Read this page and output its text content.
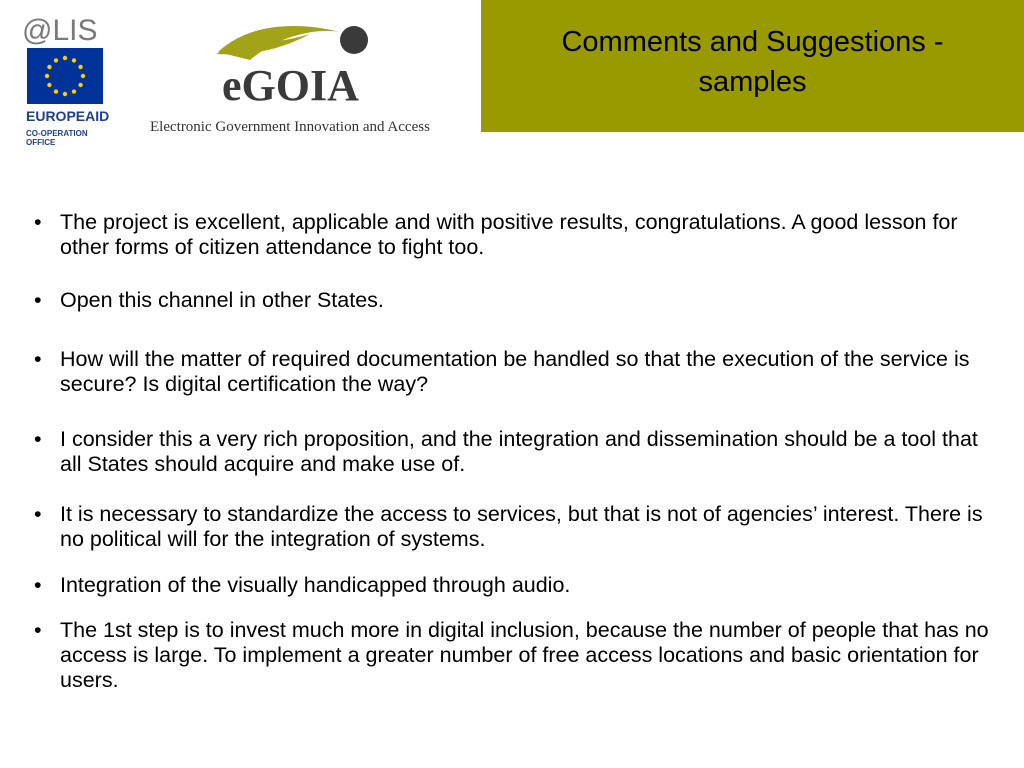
@LIS
EUROPEAID
CO-OPERATION OFFICE
eGOIA
Electronic Government Innovation and Access
Comments and Suggestions -
samples
• The project is excellent, applicable and with positive results, congratulations. A good lesson for other forms of citizen attendance to fight too.
• Open this channel in other States.
• How will the matter of required documentation be handled so that the execution of the service is secure? Is digital certification the way?
• I consider this a very rich proposition, and the integration and dissemination should be a tool that all States should acquire and make use of.
• It is necessary to standardize the access to services, but that is not of agencies’ interest. There is no political will for the integration of systems.
• Integration of the visually handicapped through audio.
• The 1st step is to invest much more in digital inclusion, because the number of people that has no access is large. To implement a greater number of free access locations and basic orientation for users.
